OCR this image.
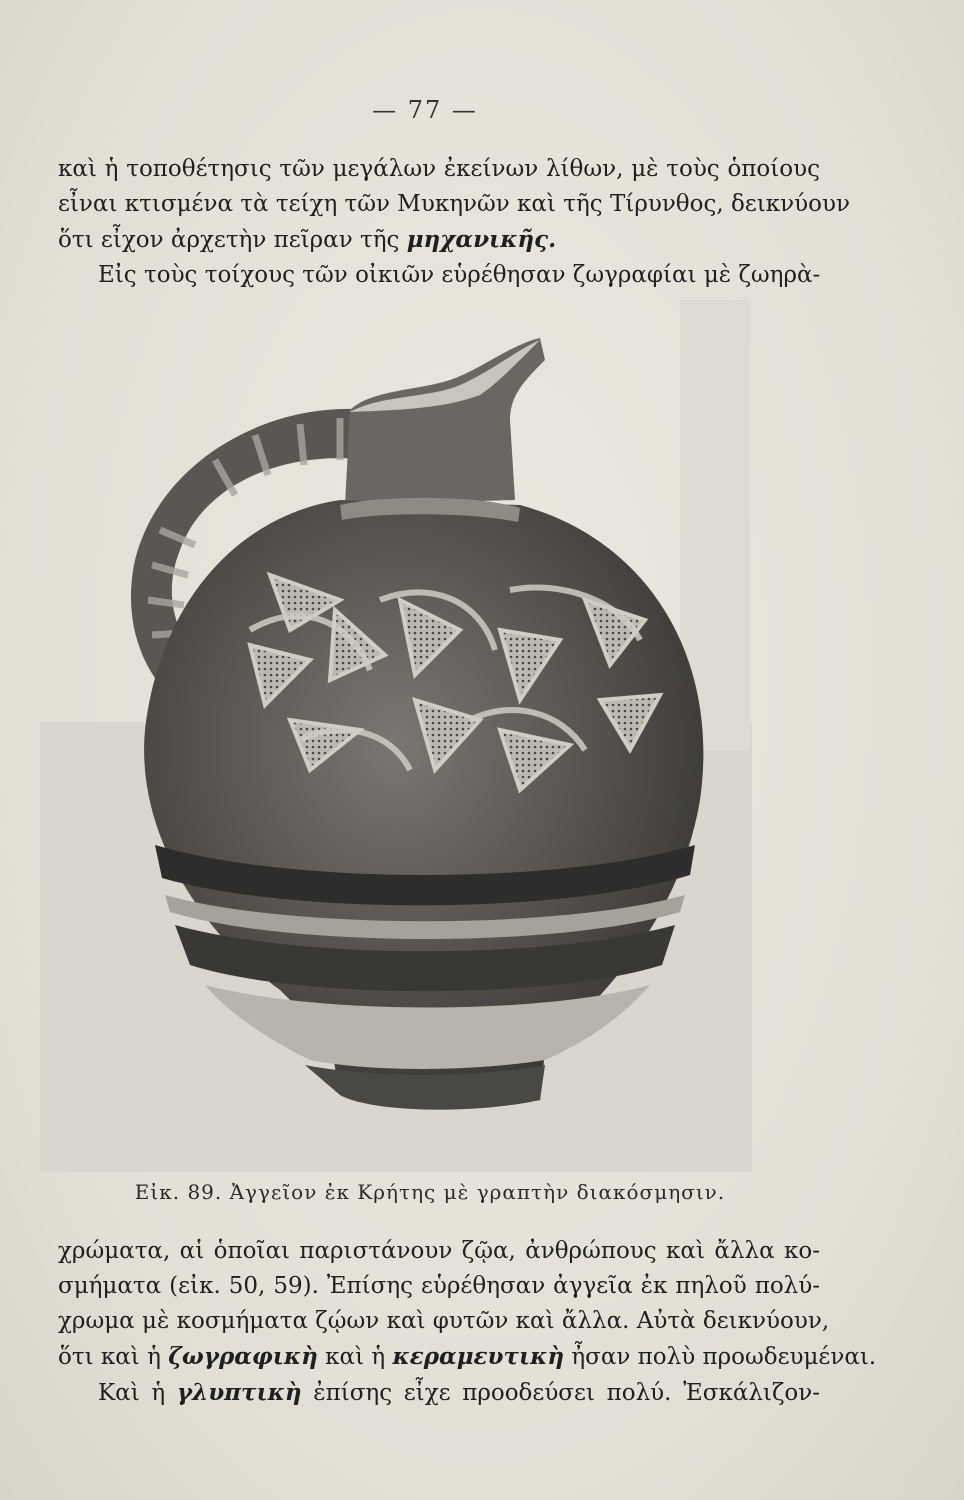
— 77 —
καὶ ἡ τοποθέτησις τῶν μεγάλων ἐκείνων λίθων, μὲ τοὺς ὁποίους
εἶναι κτισμένα τὰ τείχη τῶν Μυκηνῶν καὶ τῆς Τίρυνθος, δεικνύουν
ὅτι εἶχον ἀρχετὴν πεῖραν τῆς μηχανικῆς.
Εἰς τοὺς τοίχους τῶν οἰκιῶν εὑρέθησαν ζωγραφίαι μὲ ζωηρὰ-
Εἰκ. 89. Ἀγγεῖον ἐκ Κρήτης μὲ γραπτὴν διακόσμησιν.
χρώματα, αἱ ὁποῖαι παριστάνουν ζῷα, ἀνθρώπους καὶ ἄλλα κο-
σμήματα (εἰκ. 50, 59). Ἐπίσης εὑρέθησαν ἀγγεῖα ἐκ πηλοῦ πολύ-
χρωμα μὲ κοσμήματα ζῴων καὶ φυτῶν καὶ ἄλλα. Αὐτὰ δεικνύουν,
ὅτι καὶ ἡ ζωγραφικὴ καὶ ἡ κεραμευτικὴ ἦσαν πολὺ προωδευμέναι.
Καὶ ἡ γλυπτικὴ ἐπίσης εἶχε προοδεύσει πολύ. Ἐσκάλιζον-
